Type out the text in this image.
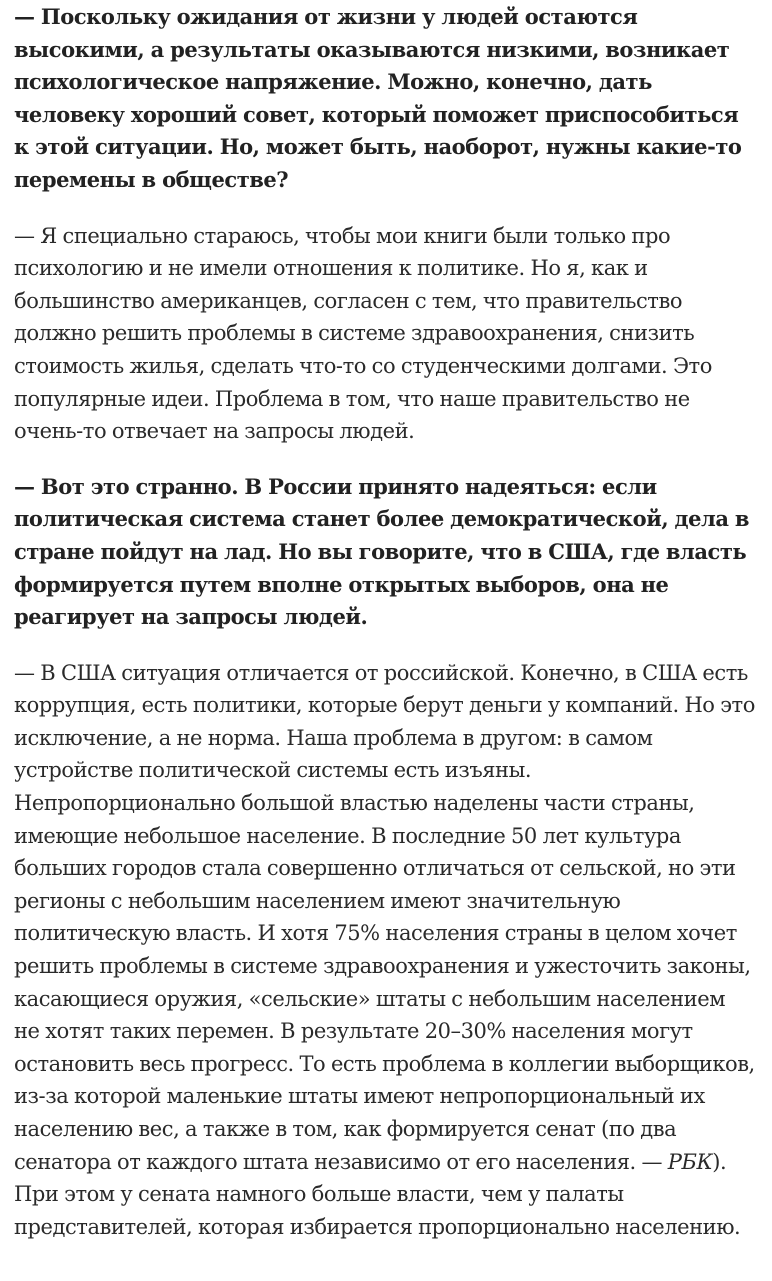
— Поскольку ожидания от жизни у людей остаются высокими, а результаты оказываются низкими, возникает психологическое напряжение. Можно, конечно, дать человеку хороший совет, который поможет приспособиться к этой ситуации. Но, может быть, наоборот, нужны какие-то перемены в обществе?

— Я специально стараюсь, чтобы мои книги были только про психологию и не имели отношения к политике. Но я, как и большинство американцев, согласен с тем, что правительство должно решить проблемы в системе здравоохранения, снизить стоимость жилья, сделать что-то со студенческими долгами. Это популярные идеи. Проблема в том, что наше правительство не очень-то отвечает на запросы людей.

— Вот это странно. В России принято надеяться: если политическая система станет более демократической, дела в стране пойдут на лад. Но вы говорите, что в США, где власть формируется путем вполне открытых выборов, она не реагирует на запросы людей.

— В США ситуация отличается от российской. Конечно, в США есть коррупция, есть политики, которые берут деньги у компаний. Но это исключение, а не норма. Наша проблема в другом: в самом устройстве политической системы есть изъяны. Непропорционально большой властью наделены части страны, имеющие небольшое население. В последние 50 лет культура больших городов стала совершенно отличаться от сельской, но эти регионы с небольшим населением имеют значительную политическую власть. И хотя 75% населения страны в целом хочет решить проблемы в системе здравоохранения и ужесточить законы, касающиеся оружия, «сельские» штаты с небольшим населением не хотят таких перемен. В результате 20–30% населения могут остановить весь прогресс. То есть проблема в коллегии выборщиков, из-за которой маленькие штаты имеют непропорциональный их населению вес, а также в том, как формируется сенат (по два сенатора от каждого штата независимо от его населения. — РБК). При этом у сената намного больше власти, чем у палаты представителей, которая избирается пропорционально населению.
